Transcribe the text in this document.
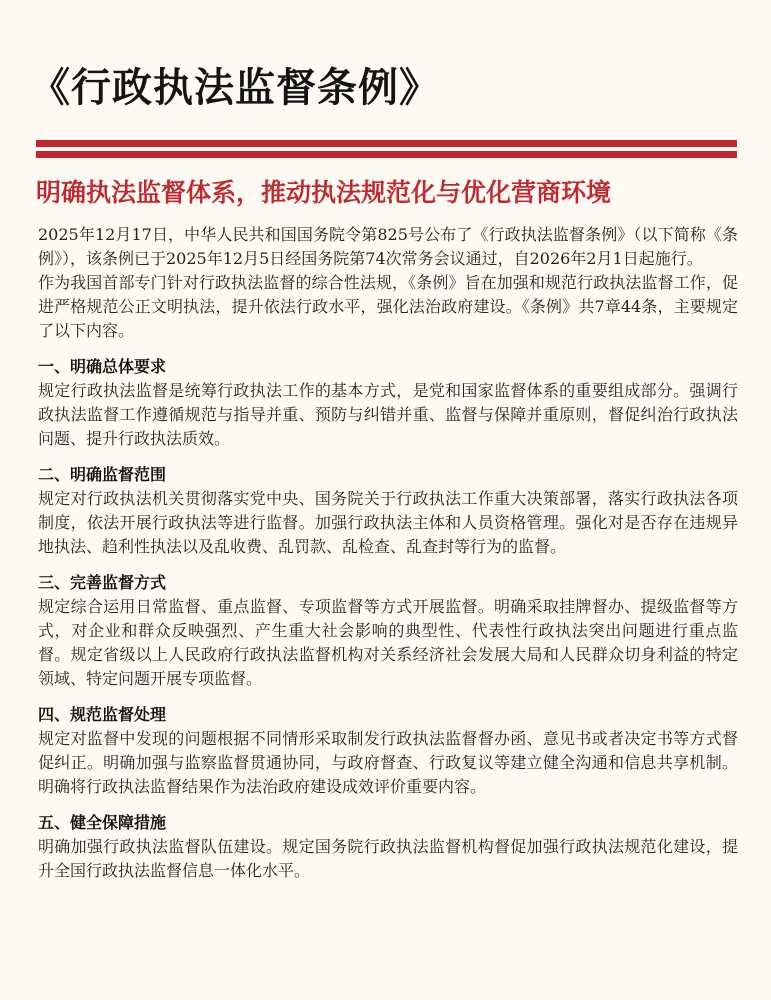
《行政执法监督条例》
明确执法监督体系，推动执法规范化与优化营商环境

2025年12月17日，中华人民共和国国务院令第825号公布了《行政执法监督条例》（以下简称《条例》），该条例已于2025年12月5日经国务院第74次常务会议通过，自2026年2月1日起施行。

作为我国首部专门针对行政执法监督的综合性法规，《条例》旨在加强和规范行政执法监督工作，促进严格规范公正文明执法，提升依法行政水平，强化法治政府建设。《条例》共7章44条，主要规定了以下内容。

一、明确总体要求

规定行政执法监督是统筹行政执法工作的基本方式，是党和国家监督体系的重要组成部分。强调行政执法监督工作遵循规范与指导并重、预防与纠错并重、监督与保障并重原则，督促纠治行政执法问题、提升行政执法质效。

二、明确监督范围

规定对行政执法机关贯彻落实党中央、国务院关于行政执法工作重大决策部署，落实行政执法各项制度，依法开展行政执法等进行监督。加强行政执法主体和人员资格管理。强化对是否存在违规异地执法、趋利性执法以及乱收费、乱罚款、乱检查、乱查封等行为的监督。

三、完善监督方式

规定综合运用日常监督、重点监督、专项监督等方式开展监督。明确采取挂牌督办、提级监督等方式，对企业和群众反映强烈、产生重大社会影响的典型性、代表性行政执法突出问题进行重点监督。规定省级以上人民政府行政执法监督机构对关系经济社会发展大局和人民群众切身利益的特定领域、特定问题开展专项监督。

四、规范监督处理

规定对监督中发现的问题根据不同情形采取制发行政执法监督督办函、意见书或者决定书等方式督促纠正。明确加强与监察监督贯通协同，与政府督查、行政复议等建立健全沟通和信息共享机制。明确将行政执法监督结果作为法治政府建设成效评价重要内容。

五、健全保障措施

明确加强行政执法监督队伍建设。规定国务院行政执法监督机构督促加强行政执法规范化建设，提升全国行政执法监督信息一体化水平。
